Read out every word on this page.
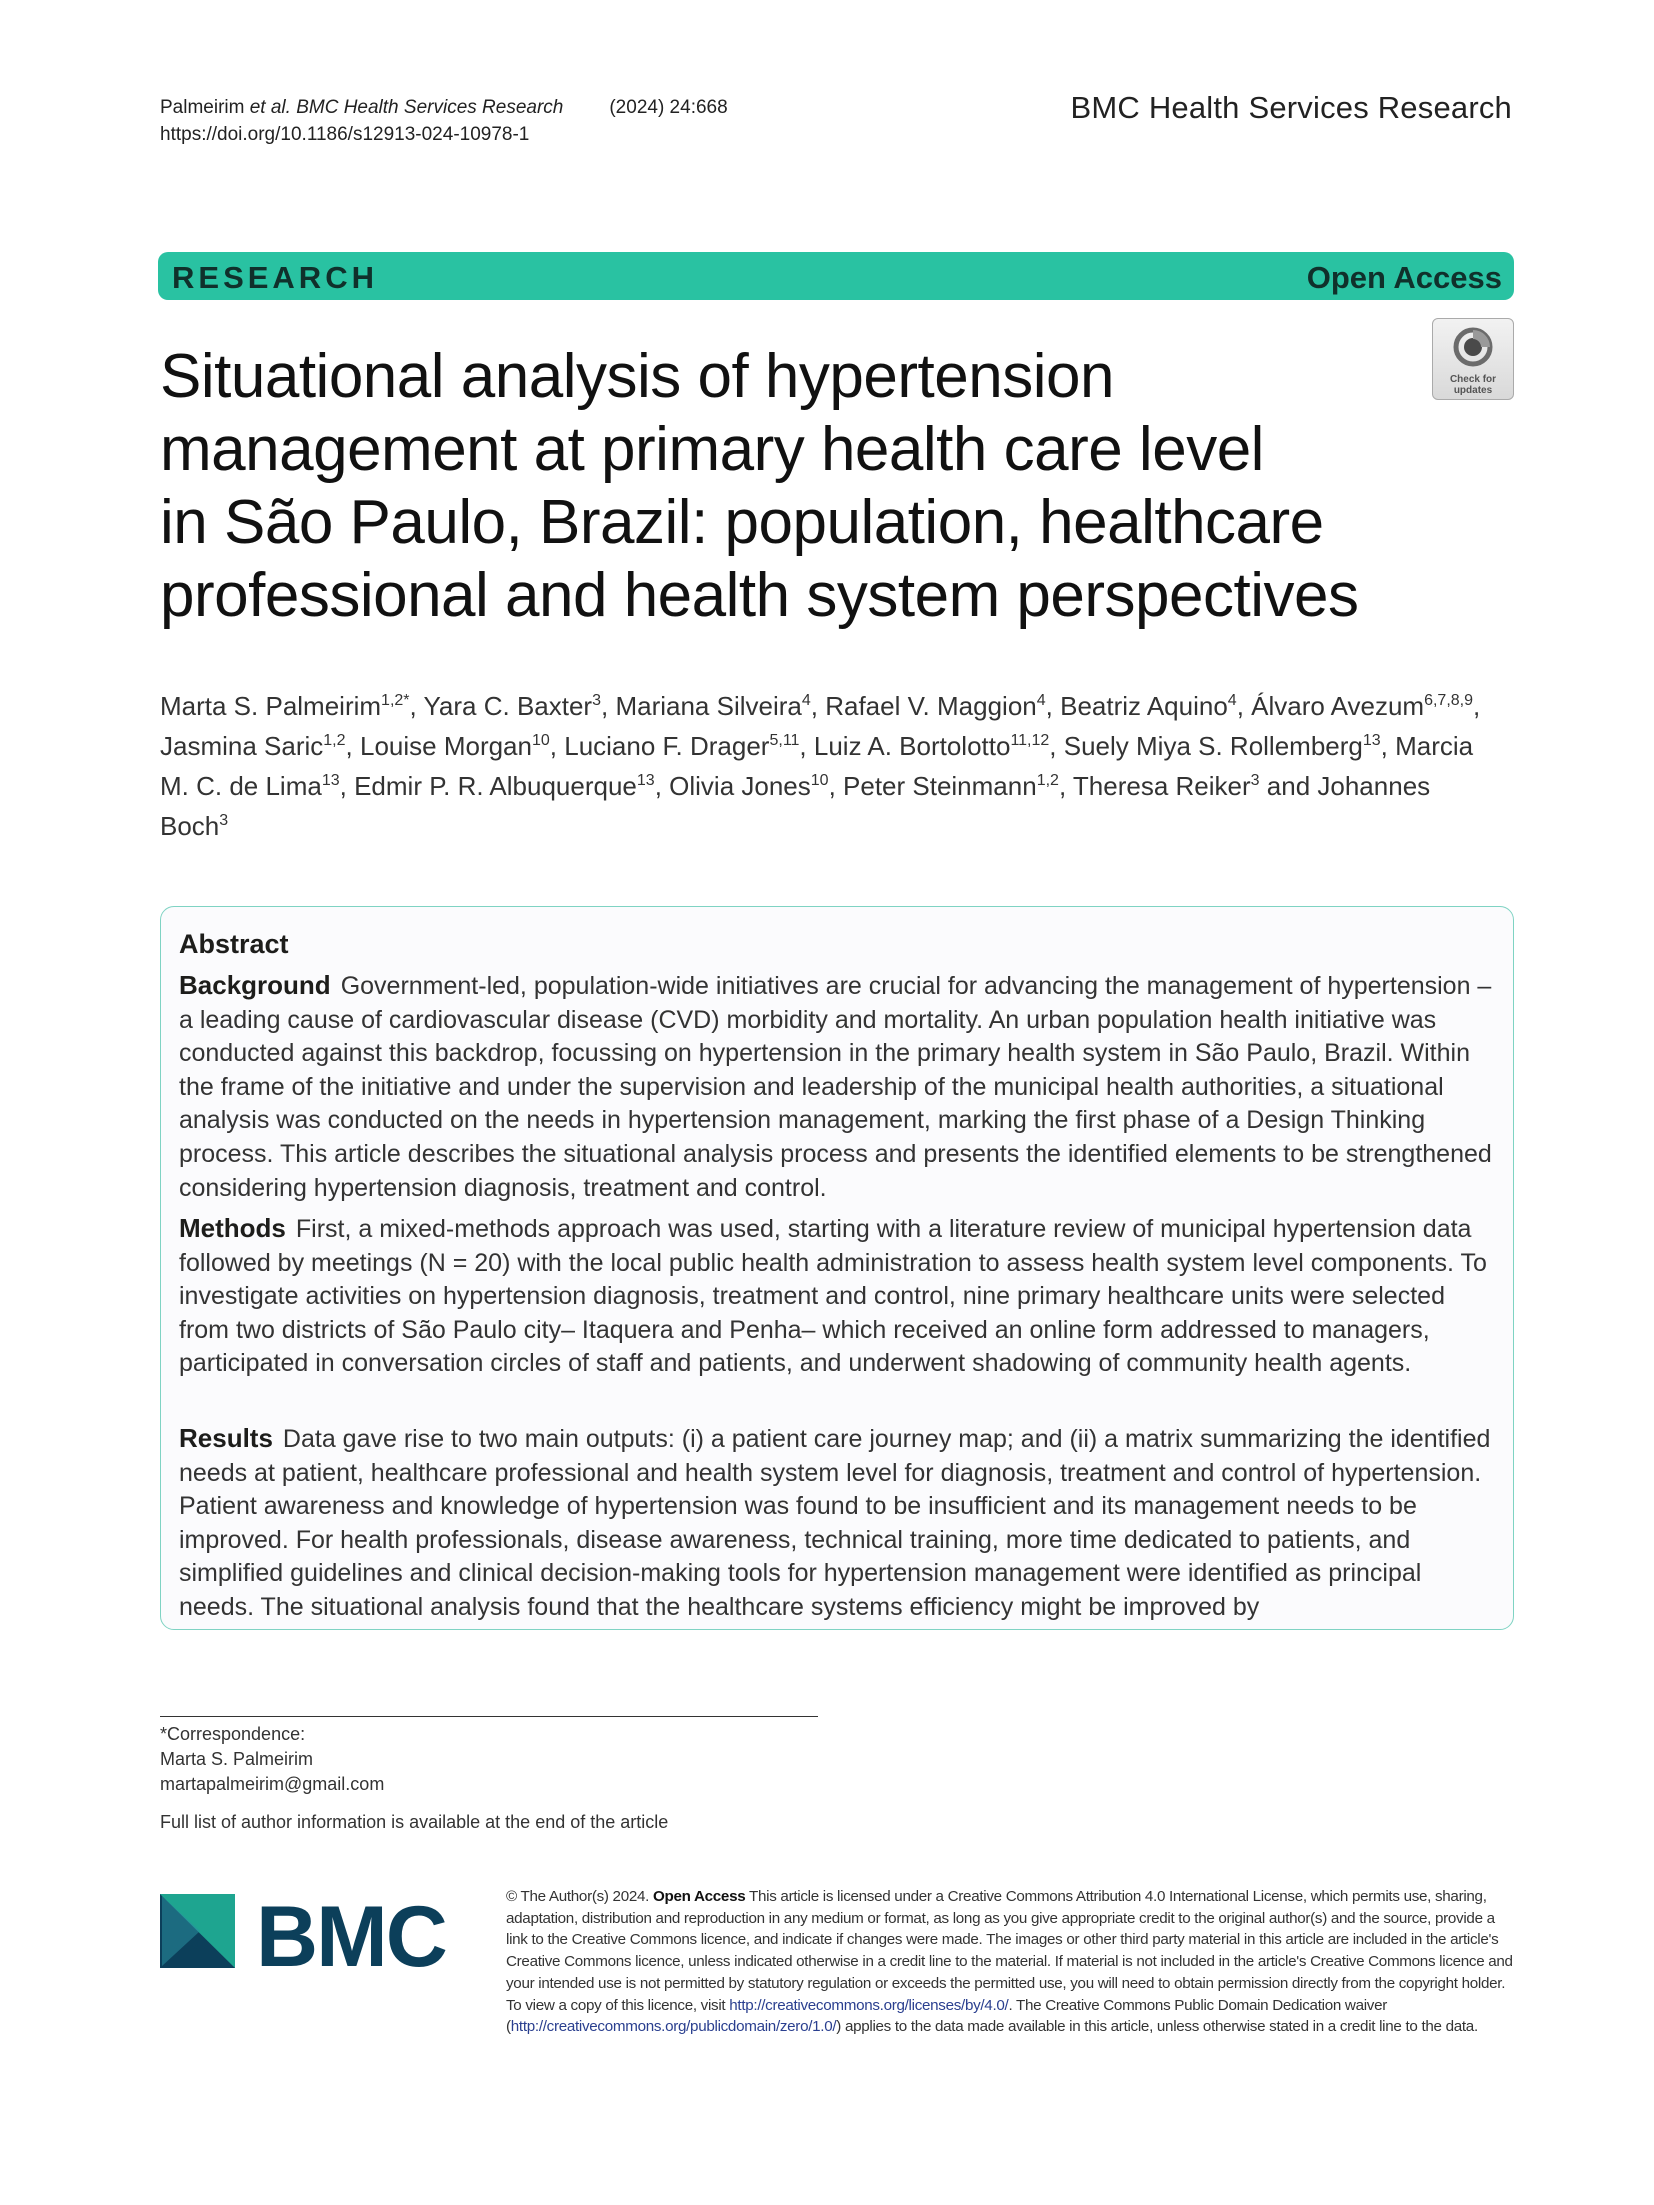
Palmeirim et al. BMC Health Services Research (2024) 24:668
https://doi.org/10.1186/s12913-024-10978-1
BMC Health Services Research
RESEARCH	Open Access
Check for
updates
Situational analysis of hypertension
management at primary health care level
in São Paulo, Brazil: population, healthcare
professional and health system perspectives
Marta S. Palmeirim$^{1,2*}$, Yara C. Baxter$^3$, Mariana Silveira$^4$, Rafael V. Maggion$^4$, Beatriz Aquino$^4$, Álvaro Avezum$^{6,7,8,9}$, Jasmina Saric$^{1,2}$, Louise Morgan$^{10}$, Luciano F. Drager$^{5,11}$, Luiz A. Bortolotto$^{11,12}$, Suely Miya S. Rollemberg$^{13}$, Marcia M. C. de Lima$^{13}$, Edmir P. R. Albuquerque$^{13}$, Olivia Jones$^{10}$, Peter Steinmann$^{1,2}$, Theresa Reiker$^3$ and Johannes Boch$^3$
Abstract
Background Government-led, population-wide initiatives are crucial for advancing the management of hypertension – a leading cause of cardiovascular disease (CVD) morbidity and mortality. An urban population health initiative was conducted against this backdrop, focussing on hypertension in the primary health system in São Paulo, Brazil. Within the frame of the initiative and under the supervision and leadership of the municipal health authorities, a situational analysis was conducted on the needs in hypertension management, marking the first phase of a Design Thinking process. This article describes the situational analysis process and presents the identified elements to be strengthened considering hypertension diagnosis, treatment and control.
Methods First, a mixed-methods approach was used, starting with a literature review of municipal hypertension data followed by meetings (N = 20) with the local public health administration to assess health system level components. To investigate activities on hypertension diagnosis, treatment and control, nine primary healthcare units were selected from two districts of São Paulo city– Itaquera and Penha– which received an online form addressed to managers, participated in conversation circles of staff and patients, and underwent shadowing of community health agents.
Results Data gave rise to two main outputs: (i) a patient care journey map; and (ii) a matrix summarizing the identified needs at patient, healthcare professional and health system level for diagnosis, treatment and control of hypertension. Patient awareness and knowledge of hypertension was found to be insufficient and its management needs to be improved. For health professionals, disease awareness, technical training, more time dedicated to patients, and simplified guidelines and clinical decision-making tools for hypertension management were identified as principal needs. The situational analysis found that the healthcare systems efficiency might be improved by
*Correspondence:
Marta S. Palmeirim
martapalmeirim@gmail.com
Full list of author information is available at the end of the article
BMC	© The Author(s) 2024. Open Access This article is licensed under a Creative Commons Attribution 4.0 International License, which permits use, sharing, adaptation, distribution and reproduction in any medium or format, as long as you give appropriate credit to the original author(s) and the source, provide a link to the Creative Commons licence, and indicate if changes were made. The images or other third party material in this article are included in the article's Creative Commons licence, unless indicated otherwise in a credit line to the material. If material is not included in the article's Creative Commons licence and your intended use is not permitted by statutory regulation or exceeds the permitted use, you will need to obtain permission directly from the copyright holder. To view a copy of this licence, visit http://creativecommons.org/licenses/by/4.0/. The Creative Commons Public Domain Dedication waiver (http://creativecommons.org/publicdomain/zero/1.0/) applies to the data made available in this article, unless otherwise stated in a credit line to the data.
